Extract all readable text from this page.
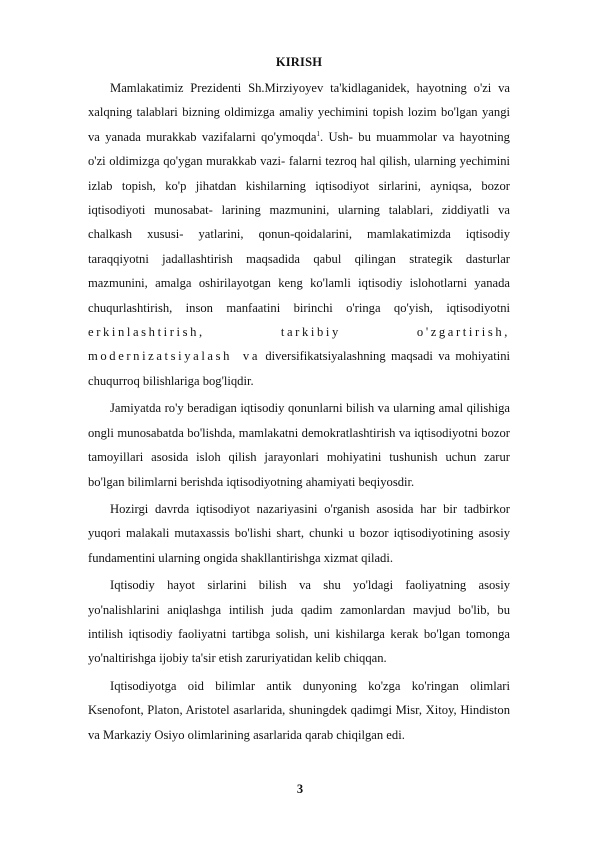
KIRISH

Mamlakatimiz Prezidenti Sh.Mirziyoyev ta'kidlaganidek, hayotning o'zi va xalqning talablari bizning oldimizga amaliy yechimini topish lozim bo'lgan yangi va yanada murakkab vazifalarni qo'ymoqda$^1$. Ush- bu muammolar va hayotning o'zi oldimizga qo'ygan murakkab vazi- falarni tezroq hal qilish, ularning yechimini izlab topish, ko'p jihatdan kishilarning iqtisodiyot sirlarini, ayniqsa, bozor iqtisodiyoti munosabat- larining mazmunini, ularning talablari, ziddiyatli va chalkash xususi- yatlarini, qonun-qoidalarini, mamlakatimizda iqtisodiy taraqqiyotni jadallashtirish maqsadida qabul qilingan strategik dasturlar mazmunini, amalga oshirilayotgan keng ko'lamli iqtisodiy islohotlarni yanada chuqurlashtirish, inson manfaatini birinchi o'ringa qo'yish, iqtisodiyotni erkinlashtirish, tarkibiy o'zgartirish, modernizatsiyalash va diversifikatsiyalashning maqsadi va mohiyatini chuqurroq bilishlariga bog'liqdir.

Jamiyatda ro'y beradigan iqtisodiy qonunlarni bilish va ularning amal qilishiga ongli munosabatda bo'lishda, mamlakatni demokratlashtirish va iqtisodiyotni bozor tamoyillari asosida isloh qilish jarayonlari mohiyatini tushunish uchun zarur bo'lgan bilimlarni berishda iqtisodiyotning ahamiyati beqiyosdir.

Hozirgi davrda iqtisodiyot nazariyasini o'rganish asosida har bir tadbirkor yuqori malakali mutaxassis bo'lishi shart, chunki u bozor iqtisodiyotining asosiy fundamentini ularning ongida shakllantirishga xizmat qiladi.

Iqtisodiy hayot sirlarini bilish va shu yo'ldagi faoliyatning asosiy yo'nalishlarini aniqlashga intilish juda qadim zamonlardan mavjud bo'lib, bu intilish iqtisodiy faoliyatni tartibga solish, uni kishilarga kerak bo'lgan tomonga yo'naltirishga ijobiy ta'sir etish zaruriyatidan kelib chiqqan.

Iqtisodiyotga oid bilimlar antik dunyoning ko'zga ko'ringan olimlari Ksenofont, Platon, Aristotel asarlarida, shuningdek qadimgi Misr, Xitoy, Hindiston va Markaziy Osiyo olimlarining asarlarida qarab chiqilgan edi.

3
